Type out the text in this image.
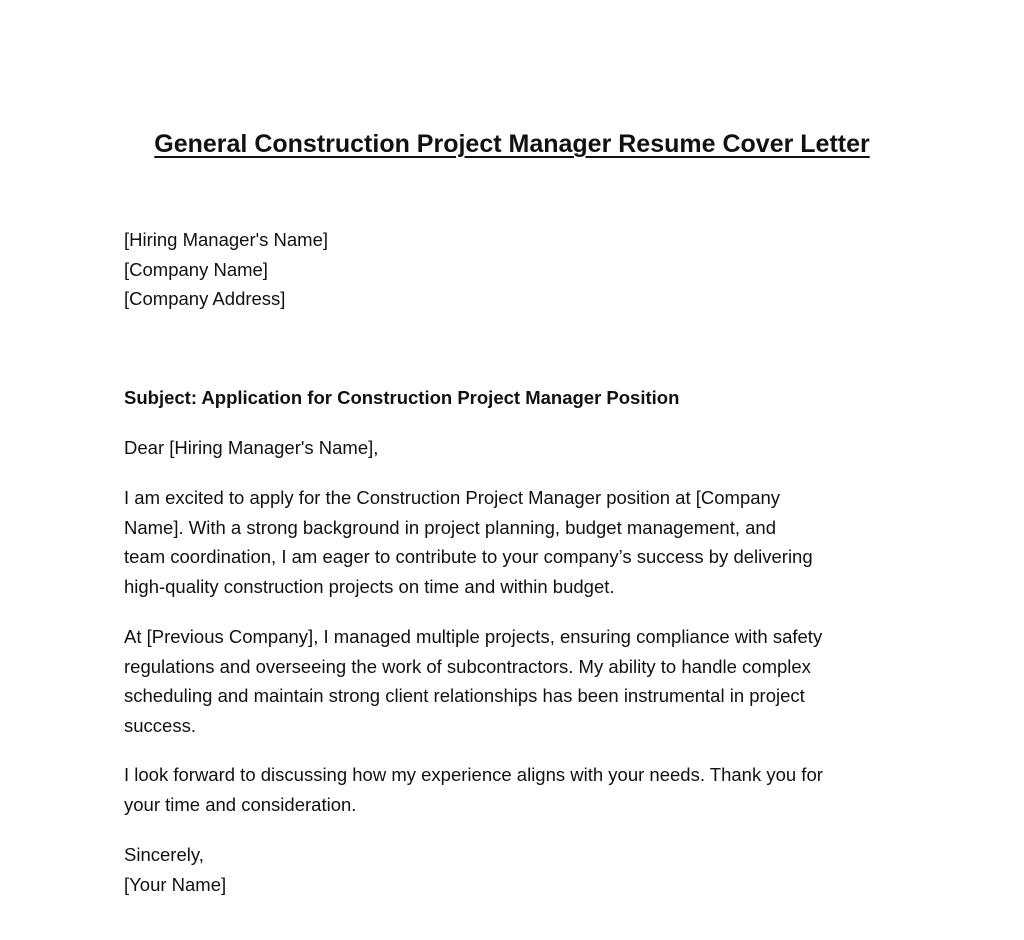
General Construction Project Manager Resume Cover Letter
[Hiring Manager's Name]
[Company Name]
[Company Address]

Subject: Application for Construction Project Manager Position

Dear [Hiring Manager's Name],

I am excited to apply for the Construction Project Manager position at [Company
Name]. With a strong background in project planning, budget management, and
team coordination, I am eager to contribute to your company’s success by delivering
high-quality construction projects on time and within budget.
At [Previous Company], I managed multiple projects, ensuring compliance with safety
regulations and overseeing the work of subcontractors. My ability to handle complex
scheduling and maintain strong client relationships has been instrumental in project
success.
I look forward to discussing how my experience aligns with your needs. Thank you for
your time and consideration.
Sincerely,
[Your Name]
